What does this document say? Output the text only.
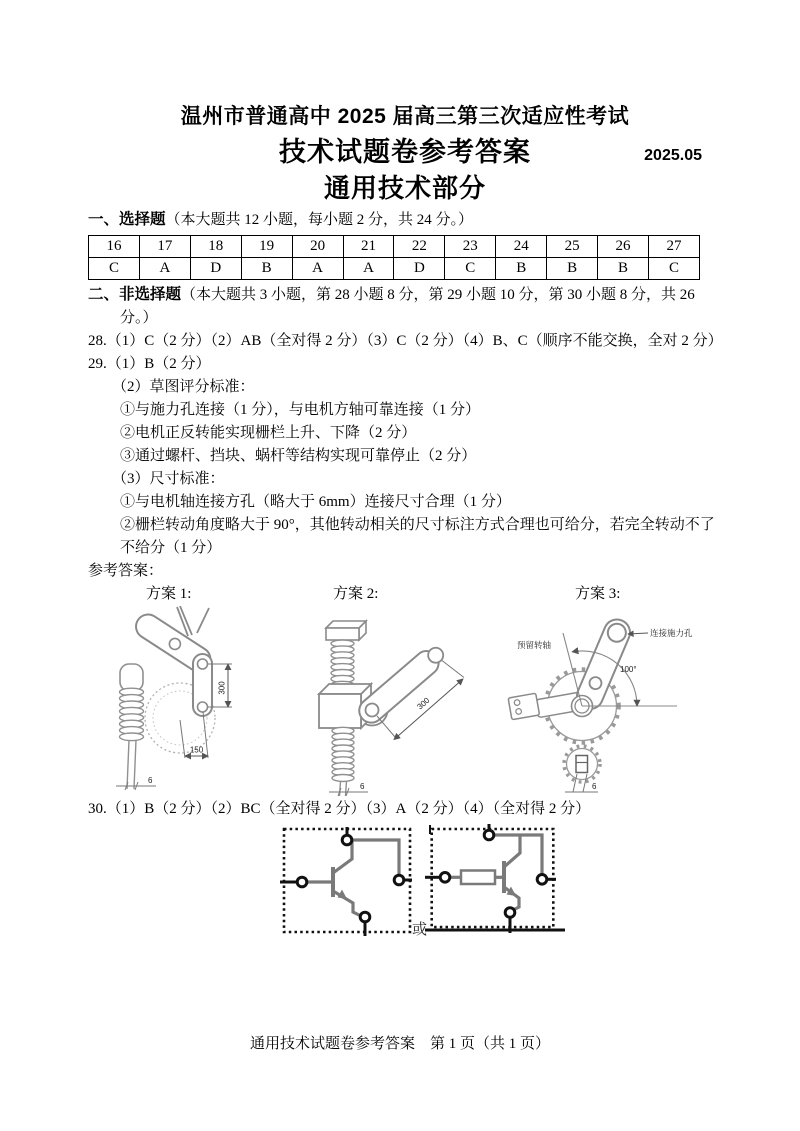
温州市普通高中 2025 届高三第三次适应性考试
技术试题卷参考答案	2025.05
通用技术部分

一、选择题（本大题共 12 小题，每小题 2 分，共 24 分。）

16	17	18	19	20	21	22	23	24	25	26	27
C	A	D	B	A	A	D	C	B	B	B	C

二、非选择题（本大题共 3 小题，第 28 小题 8 分，第 29 小题 10 分，第 30 小题 8 分，共 26 分。）

28.（1）C（2 分）（2）AB（全对得 2 分）（3）C（2 分）（4）B、C（顺序不能交换，全对 2 分）

29.（1）B（2 分）

（2）草图评分标准：

①与施力孔连接（1 分），与电机方轴可靠连接（1 分）

②电机正反转能实现栅栏上升、下降（2 分）

③通过螺杆、挡块、蜗杆等结构实现可靠停止（2 分）

（3）尺寸标准：

①与电机轴连接方孔（略大于 6mm）连接尺寸合理（1 分）

②栅栏转动角度略大于 90°，其他转动相关的尺寸标注方式合理也可给分，若完全转动不了不给分（1 分）

参考答案：

方案 1:
300
150
6
方案 2:
300
6
方案 3:
100°
预留转轴
连接施力孔
6

30.（1）B（2 分）（2）BC（全对得 2 分）（3）A（2 分）（4）（全对得 2 分）

或
通用技术试题卷参考答案　第 1 页（共 1 页）
